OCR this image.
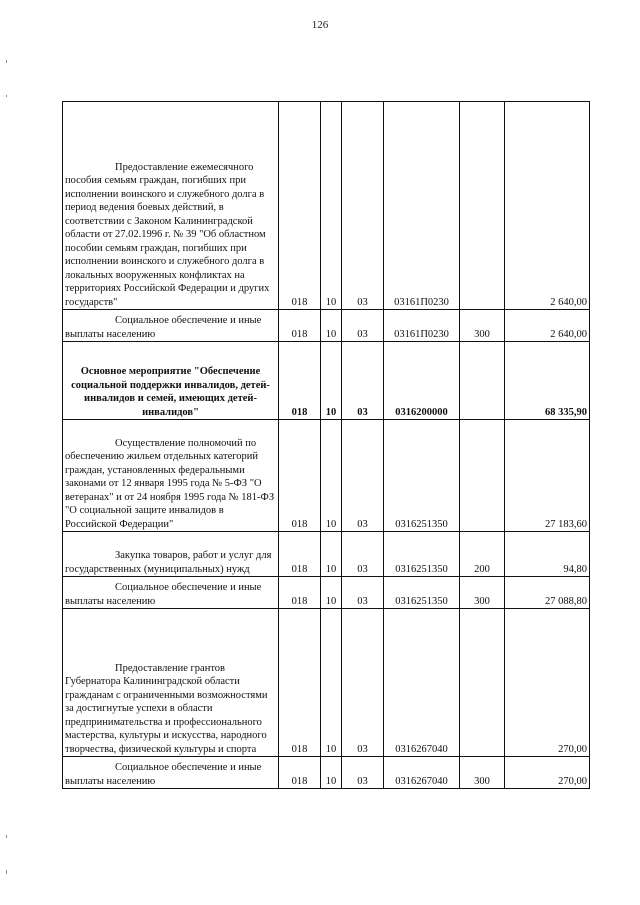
126
Предоставление ежемесячного пособия семьям граждан, погибших при исполнении воинского и служебного долга в период ведения боевых действий, в соответствии с Законом Калининградской области от 27.02.1996 г. № 39 "Об областном пособии семьям граждан, погибших при исполнении воинского и служебного долга в локальных вооруженных конфликтах на территориях Российской Федерации и других государств"	018	10	03	03161П0230		2 640,00

Социальное обеспечение и иные выплаты населению	018	10	03	03161П0230	300	2 640,00

Основное мероприятие "Обеспечение социальной поддержки инвалидов, детей-инвалидов и семей, имеющих детей-инвалидов"	018	10	03	0316200000		68 335,90

Осуществление полномочий по обеспечению жильем отдельных категорий граждан, установленных федеральными законами от 12 января 1995 года № 5-ФЗ "О ветеранах" и от 24 ноября 1995 года № 181-ФЗ "О социальной защите инвалидов в Российской Федерации"	018	10	03	0316251350		27 183,60

Закупка товаров, работ и услуг для государственных (муниципальных) нужд	018	10	03	0316251350	200	94,80

Социальное обеспечение и иные выплаты населению	018	10	03	0316251350	300	27 088,80

Предоставление грантов Губернатора Калининградской области гражданам с ограниченными возможностями за достигнутые успехи в области предпринимательства и профессионального мастерства, культуры и искусства, народного творчества, физической культуры и спорта	018	10	03	0316267040		270,00

Социальное обеспечение и иные выплаты населению	018	10	03	0316267040	300	270,00
